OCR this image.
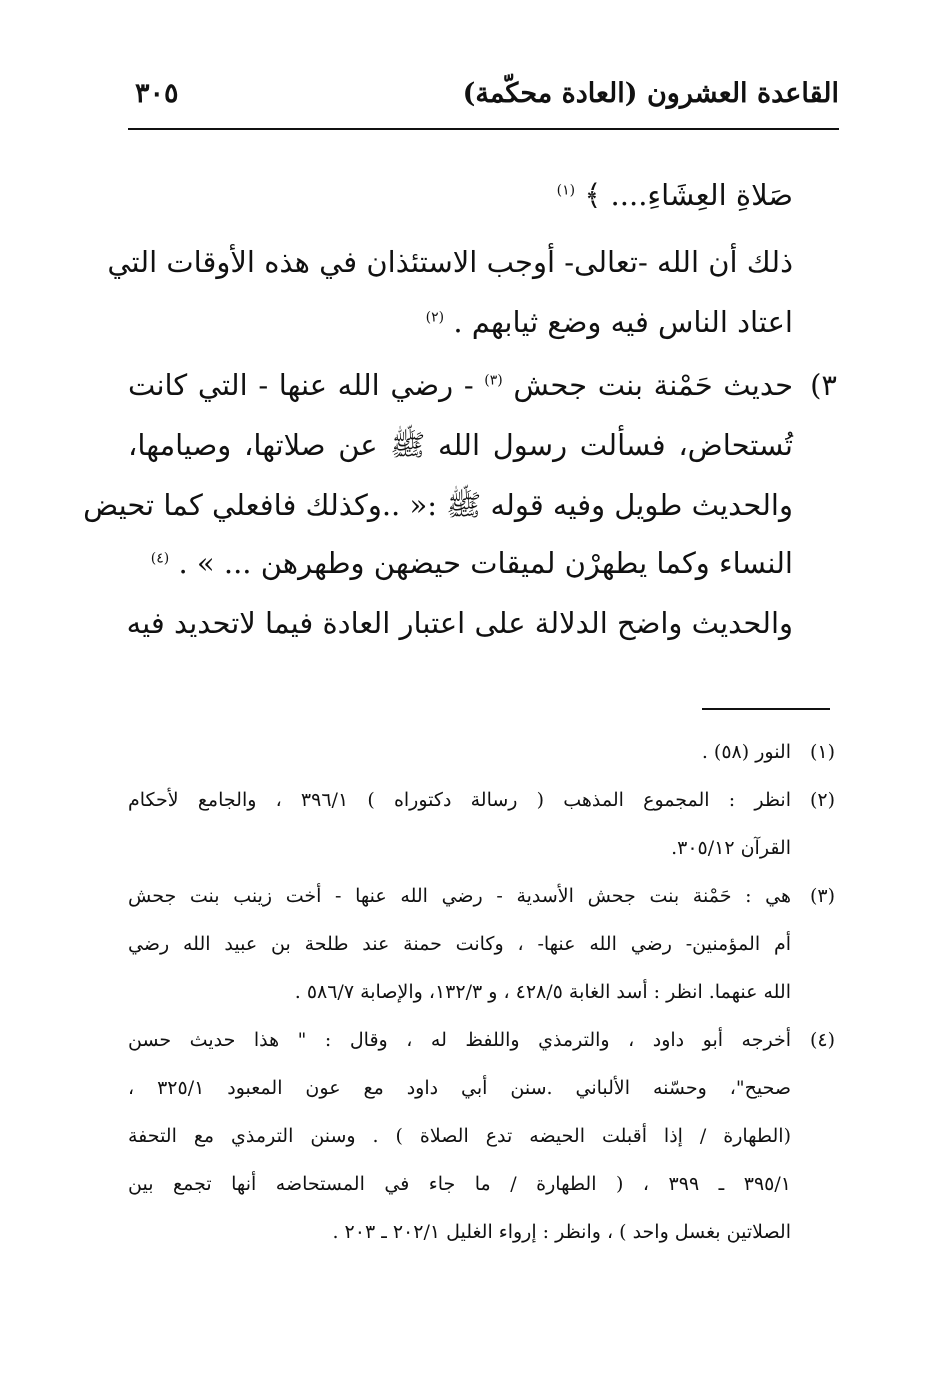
القاعدة العشرون (العادة محكّمة)
٣٠٥
صَلاةِ العِشَاءِ.... ﴾ $^{(١)}$
ذلك أن الله -تعالى- أوجب الاستئذان في هذه الأوقات التي
اعتاد الناس فيه وضع ثيابهم . $^{(٢)}$
٣)
حديث حَمْنة بنت جحش $^{(٣)}$ - رضي الله عنها - التي كانت
تُستحاض، فسألت رسول الله ﷺ عن صلاتها، وصيامها،
والحديث طويل وفيه قوله ﷺ :« ..وكذلك فافعلي كما تحيض
النساء وكما يطهرْن لميقات حيضهن وطهرهن ... » . $^{(٤)}$
والحديث واضح الدلالة على اعتبار العادة فيما لاتحديد فيه
(١)
النور (٥٨) .
(٢)
انظر : المجموع المذهب ( رسالة دكتوراه ) ٣٩٦/١ ، والجامع لأحكام
القرآن ٣٠٥/١٢.
(٣)
هي : حَمْنة بنت جحش الأسدية - رضي الله عنها - أخت زينب بنت جحش
أم المؤمنين- رضي الله عنها- ، وكانت حمنة عند طلحة بن عبيد الله رضي
الله عنهما. انظر : أسد الغابة ٤٢٨/٥ ، و ١٣٢/٣، والإصابة ٥٨٦/٧ .
(٤)
أخرجه أبو داود ، والترمذي واللفظ له ، وقال : " هذا حديث حسن
صحيح"، وحسّنه الألباني .سنن أبي داود مع عون المعبود ٣٢٥/١ ،
(الطهارة / إذا أقبلت الحيضه تدع الصلاة ) . وسنن الترمذي مع التحفة
٣٩٥/١ ـ ٣٩٩ ، ( الطهارة / ما جاء في المستحاضه أنها تجمع بين
الصلاتين بغسل واحد ) ، وانظر : إرواء الغليل ٢٠٢/١ ـ ٢٠٣ .
